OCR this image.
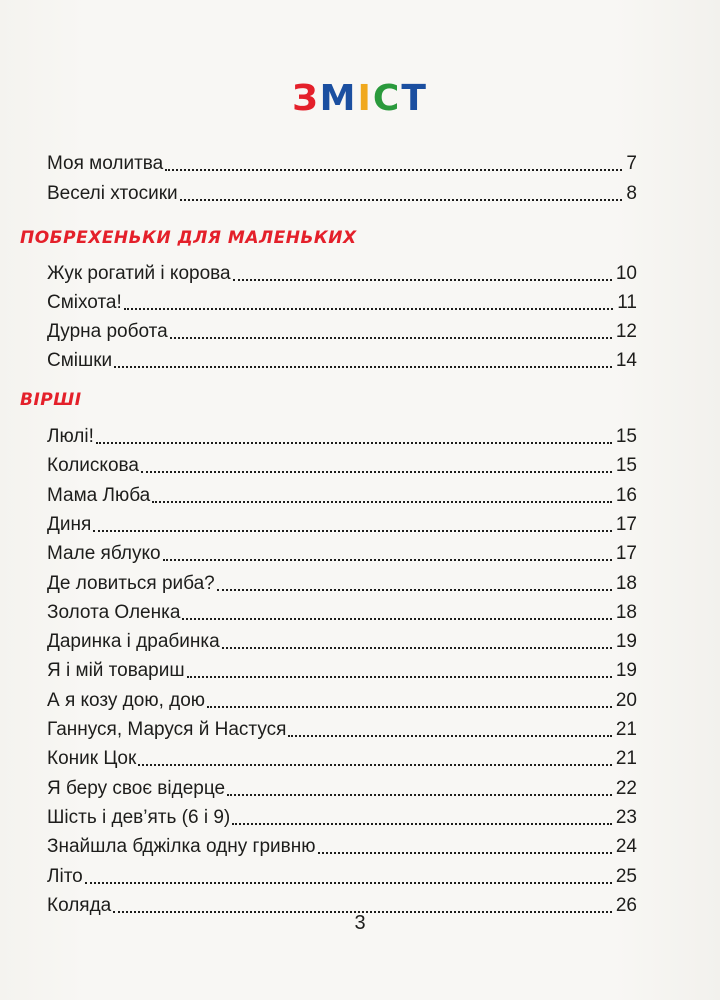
ЗМІСТ
Моя молитва	7
Веселі хтосики	8
Жук рогатий і корова	10
Сміхота!	11
Дурна робота	12
Смішки	14
Люлі!	15
Колискова	15
Мама Люба	16
Диня	17
Мале яблуко	17
Де ловиться риба?	18
Золота Оленка	18
Даринка і драбинка	19
Я і мій товариш	19
А я козу дою, дою	20
Ганнуся, Маруся й Настуся	21
Коник Цок	21
Я беру своє відерце	22
Шість і дев’ять (6 і 9)	23
Знайшла бджілка одну гривню	24
Літо	25
Коляда	26
ПОБРЕХЕНЬКИ ДЛЯ МАЛЕНЬКИХ
ВІРШІ
3
